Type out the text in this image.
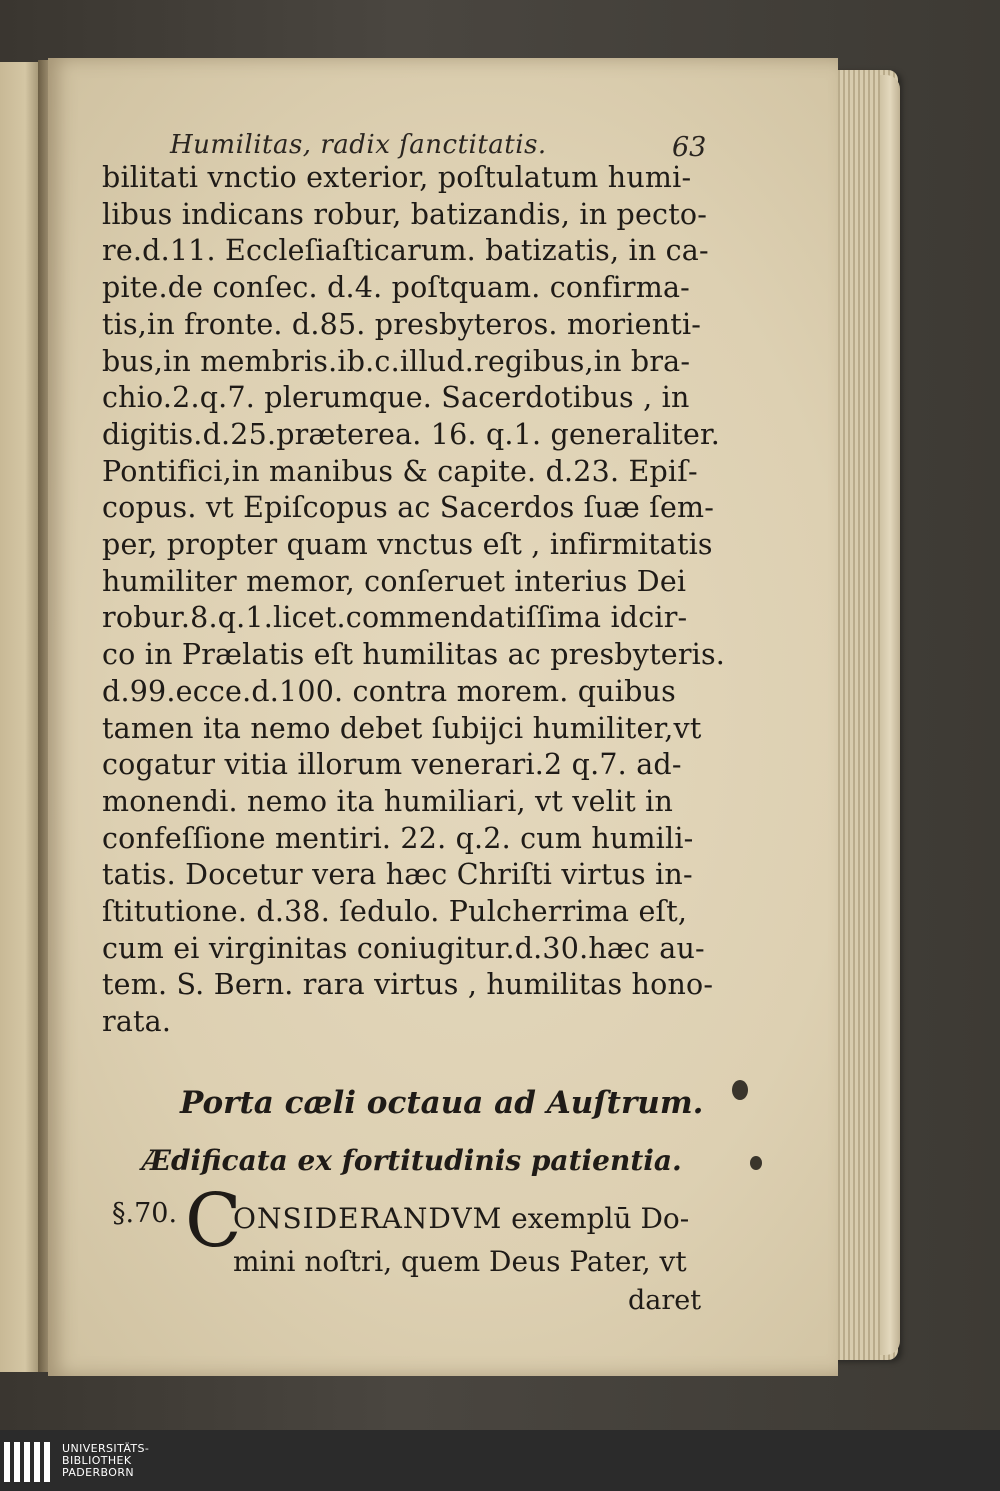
Humilitas, radix ſanctitatis.	63
bilitati vnctio exterior, poſtulatum humi-
libus indicans robur, batizandis, in pecto-
re.d.11. Eccleſiaſticarum. batizatis, in ca-
pite.de conſec. d.4. poſtquam. confirma-
tis,in fronte. d.85. presbyteros. morienti-
bus,in membris.ib.c.illud.regibus,in bra-
chio.2.q.7. plerumque. Sacerdotibus , in
digitis.d.25.præterea. 16. q.1. generaliter.
Pontifici,in manibus & capite. d.23. Epiſ-
copus. vt Epiſcopus ac Sacerdos ſuæ ſem-
per, propter quam vnctus eſt , infirmitatis
humiliter memor, conſeruet interius Dei
robur.8.q.1.licet.commendatiſſima idcir-
co in Prælatis eſt humilitas ac presbyteris.
d.99.ecce.d.100. contra morem. quibus
tamen ita nemo debet ſubijci humiliter,vt
cogatur vitia illorum venerari.2 q.7. ad-
monendi. nemo ita humiliari, vt velit in
confeſſione mentiri. 22. q.2. cum humili-
tatis. Docetur vera hæc Chriſti virtus in-
ſtitutione. d.38. ſedulo. Pulcherrima eſt,
cum ei virginitas coniugitur.d.30.hæc au-
tem. S. Bern. rara virtus , humilitas hono-
rata.
Porta cæli octaua ad Auſtrum.
Ædificata ex fortitudinis patientia.
§.70. C
ONSIDERANDVM exemplū Do-
mini noſtri, quem Deus Pater, vt
daret
UNIVERSITÄTS-
BIBLIOTHEK
PADERBORN
